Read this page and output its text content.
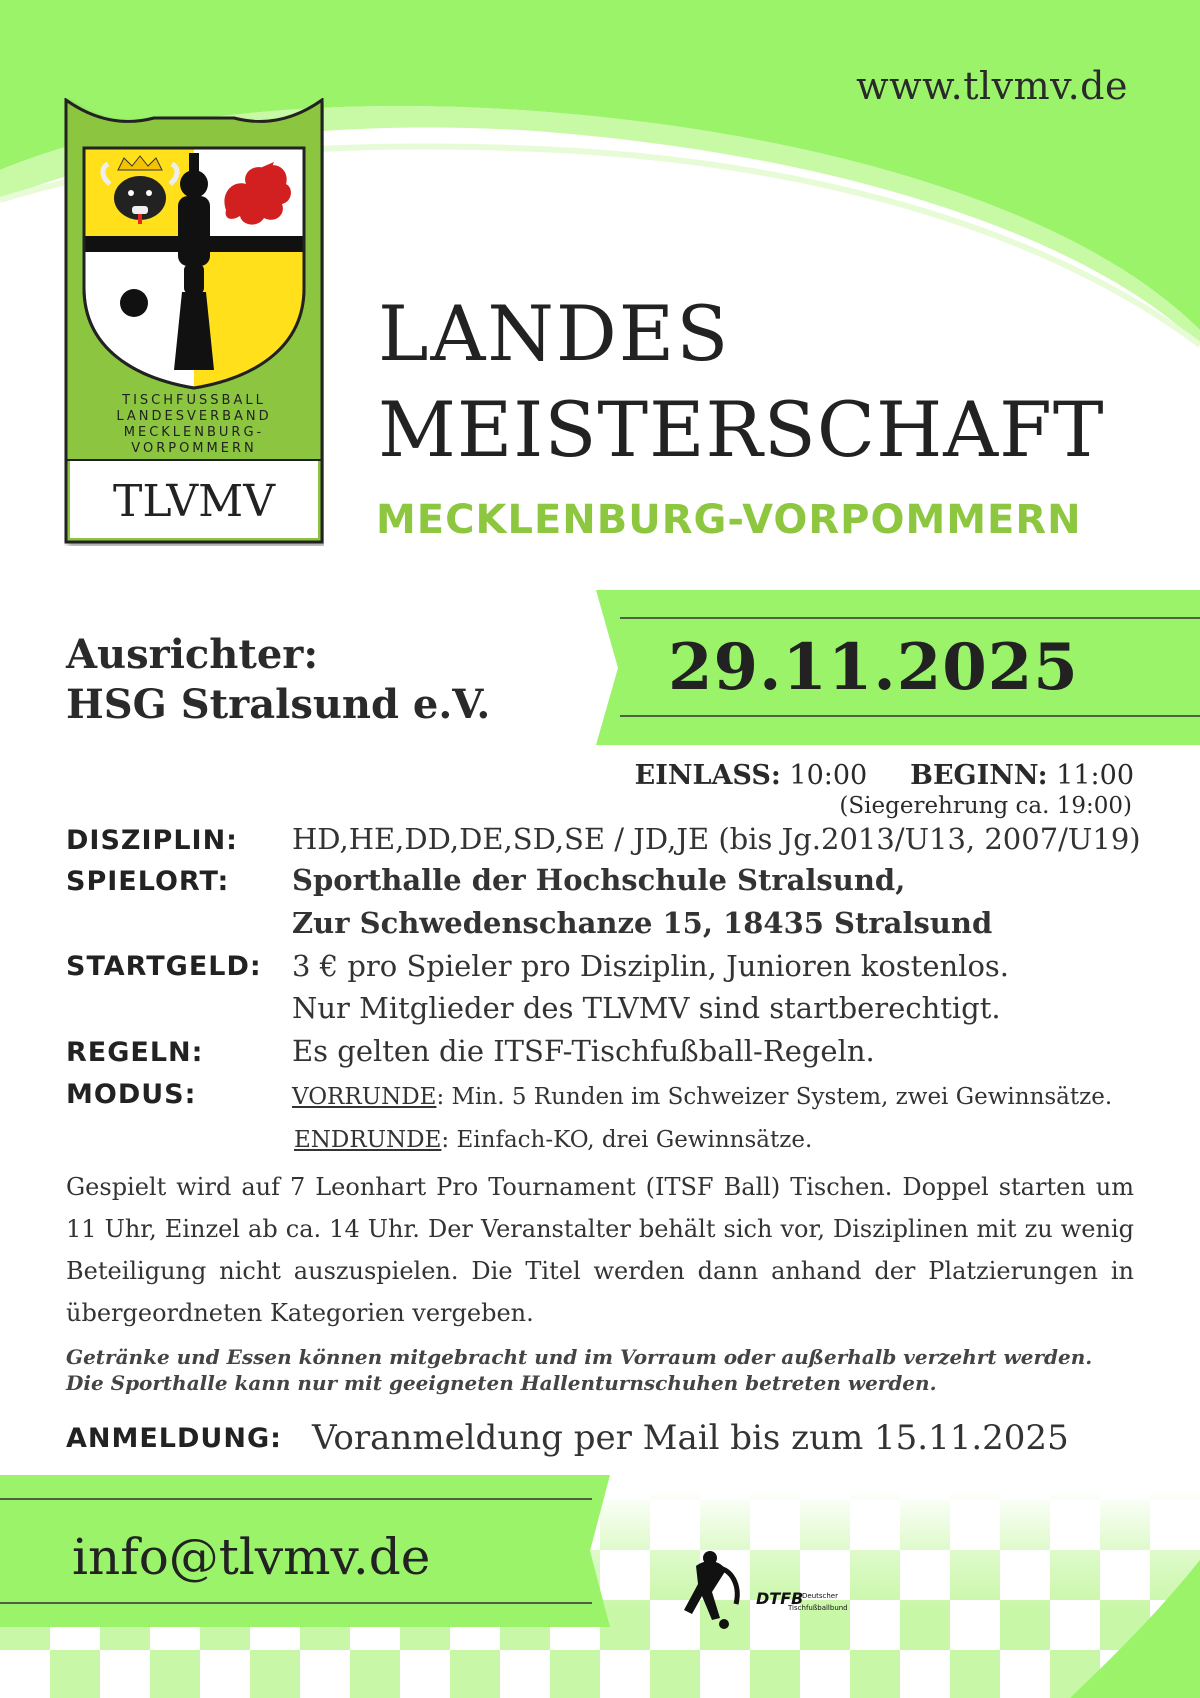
www.tlvmv.de
TISCHFUSSBALL
LANDESVERBAND
MECKLENBURG-
VORPOMMERN
TLVMV
LANDES
MEISTERSCHAFT
MECKLENBURG-VORPOMMERN
Ausrichter:
HSG Stralsund e.V.	29.11.2025
EINLASS: 10:00 BEGINN: 11:00
(Siegerehrung ca. 19:00)
DISZIPLIN: HD,HE,DD,DE,SD,SE / JD,JE (bis Jg.2013/U13, 2007/U19)
SPIELORT: Sporthalle der Hochschule Stralsund,
Zur Schwedenschanze 15, 18435 Stralsund
STARTGELD: 3 € pro Spieler pro Disziplin, Junioren kostenlos.
Nur Mitglieder des TLVMV sind startberechtigt.
REGELN:	Es gelten die ITSF-Tischfußball-Regeln.
MODUS:	VORRUNDE: Min. 5 Runden im Schweizer System, zwei Gewinnsätze.
ENDRUNDE: Einfach-KO, drei Gewinnsätze.
Gespielt wird auf 7 Leonhart Pro Tournament (ITSF Ball) Tischen. Doppel starten um 11 Uhr, Einzel ab ca. 14 Uhr. Der Veranstalter behält sich vor, Disziplinen mit zu wenig Beteiligung nicht auszuspielen. Die Titel werden dann anhand der Platzierungen in übergeordneten Kategorien vergeben.
Getränke und Essen können mitgebracht und im Vorraum oder außerhalb verzehrt werden.
Die Sporthalle kann nur mit geeigneten Hallenturnschuhen betreten werden.
ANMELDUNG: Voranmeldung per Mail bis zum 15.11.2025
info@tlvmv.de
DTFB
Deutscher
Tischfußballbund
